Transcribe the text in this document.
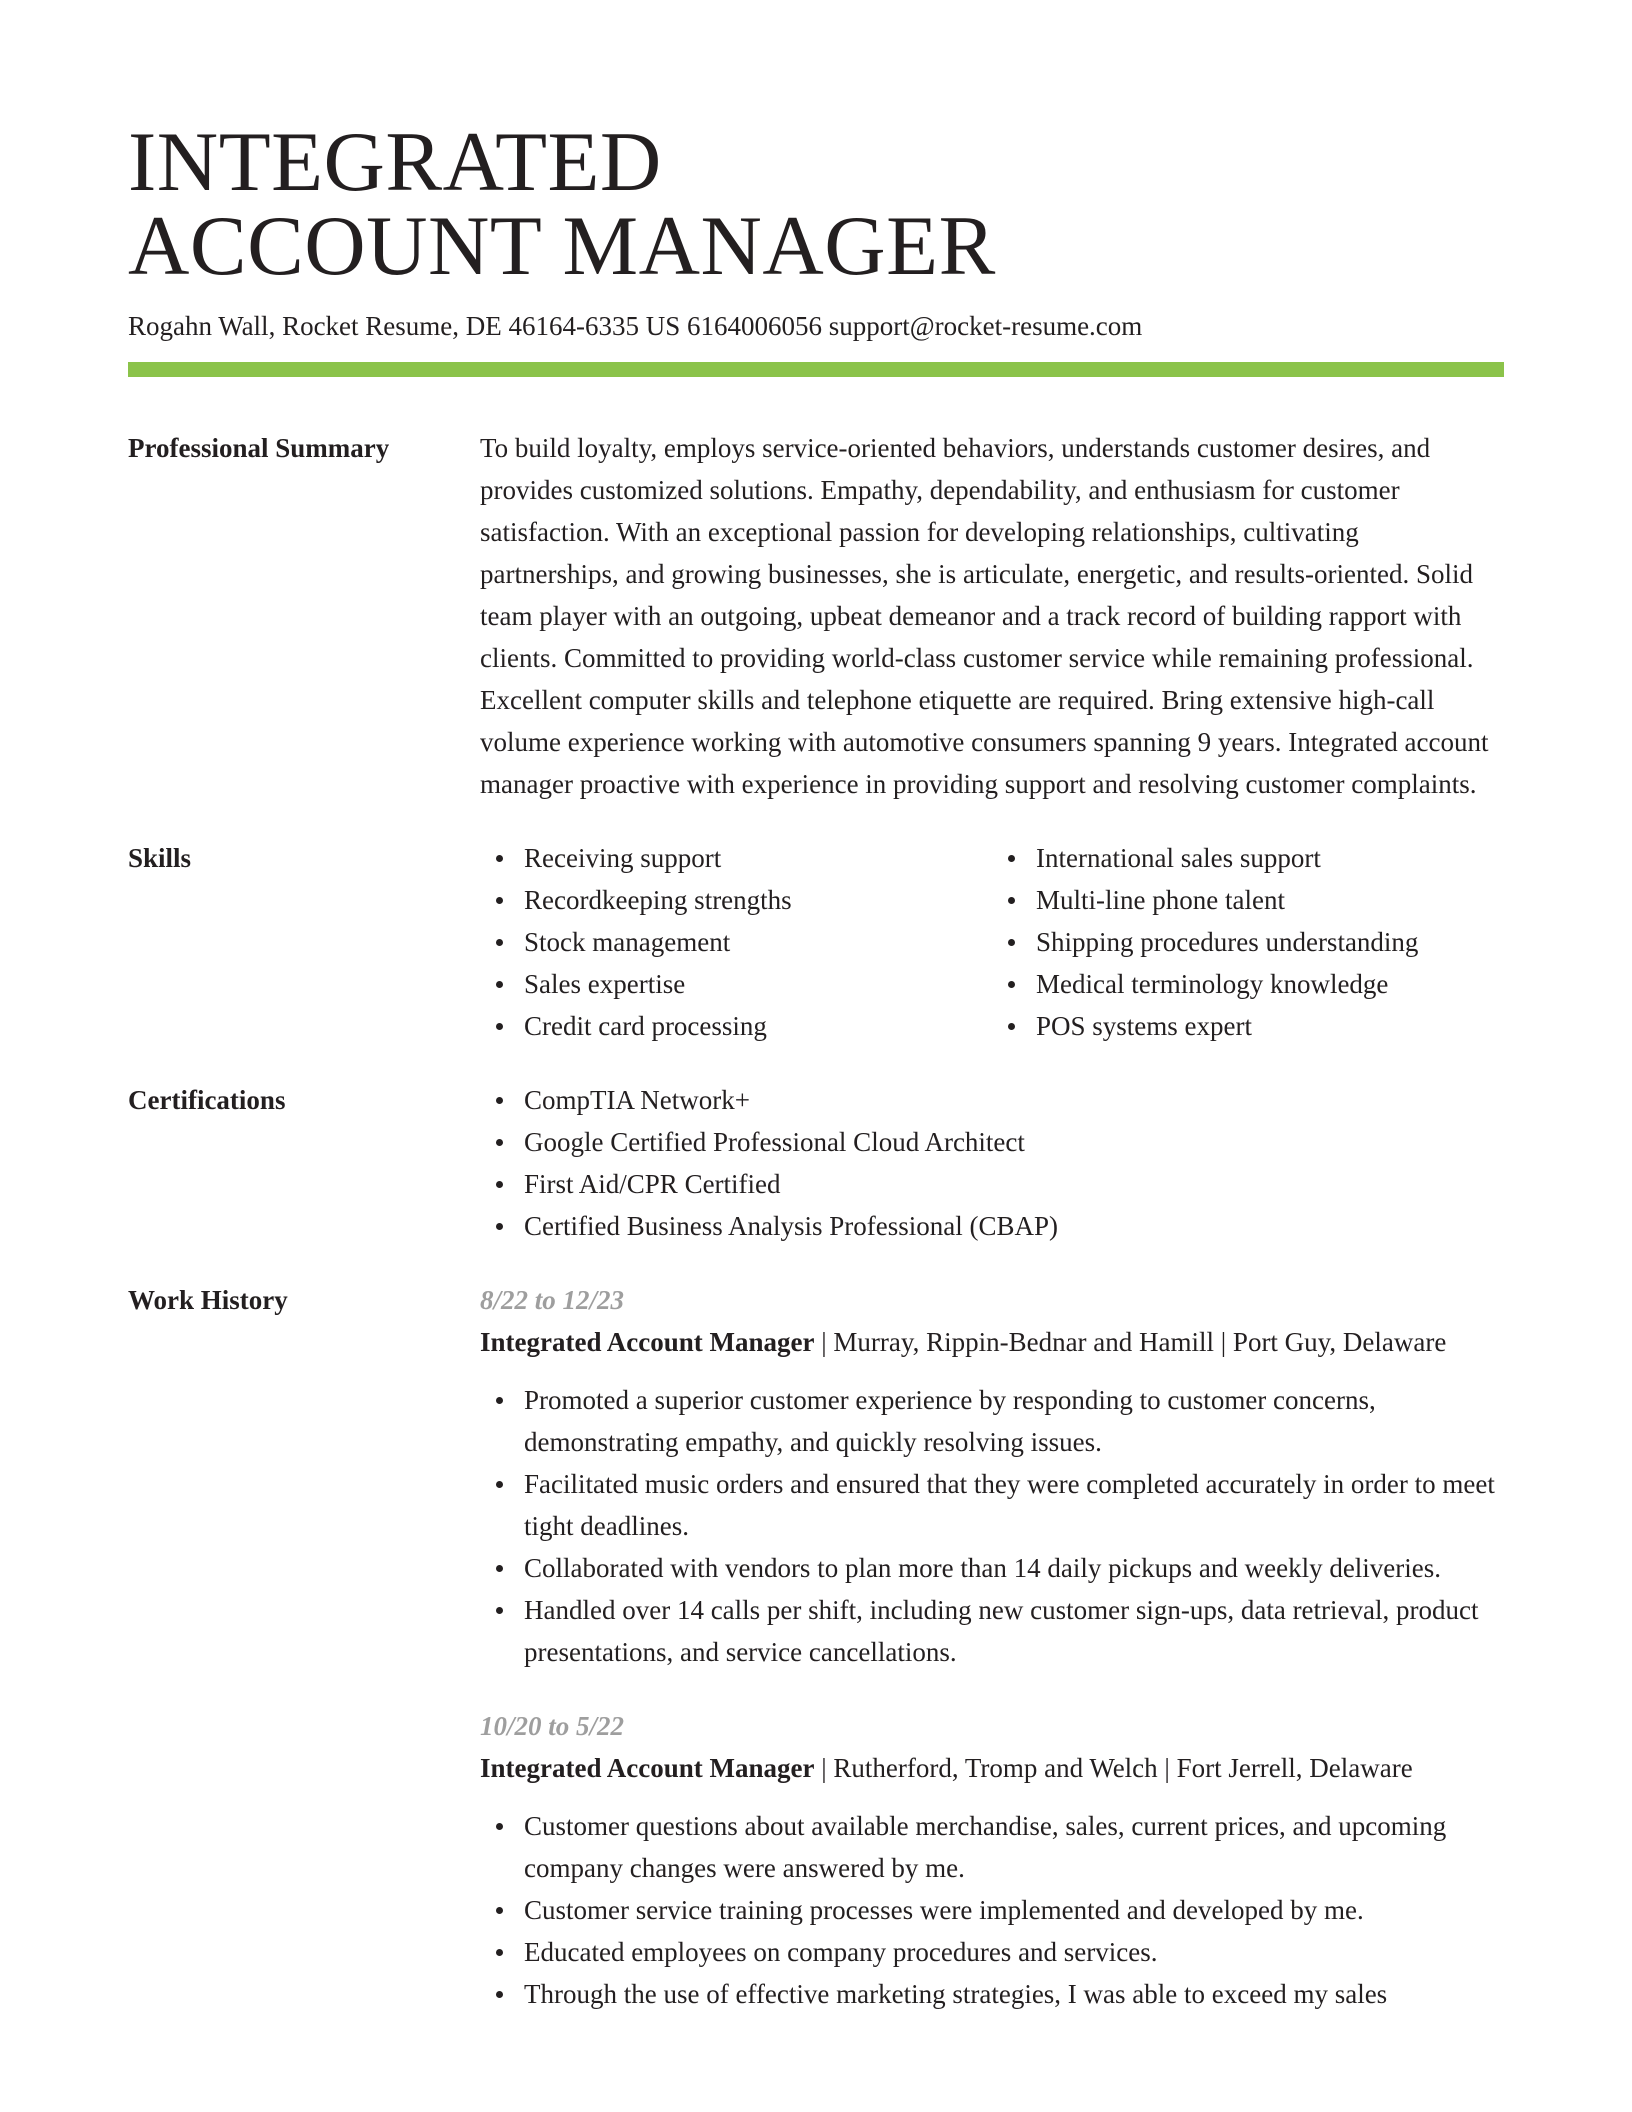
INTEGRATED
ACCOUNT MANAGER
Rogahn Wall, Rocket Resume, DE 46164-6335 US 6164006056 support@rocket-resume.com
Professional Summary	To build loyalty, employs service-oriented behaviors, understands customer desires, and provides customized solutions. Empathy, dependability, and enthusiasm for customer satisfaction. With an exceptional passion for developing relationships, cultivating partnerships, and growing businesses, she is articulate, energetic, and results-oriented. Solid team player with an outgoing, upbeat demeanor and a track record of building rapport with clients. Committed to providing world-class customer service while remaining professional. Excellent computer skills and telephone etiquette are required. Bring extensive high-call volume experience working with automotive consumers spanning 9 years. Integrated account manager proactive with experience in providing support and resolving customer complaints.
Skills	Receiving support
Recordkeeping strengths
Stock management
Sales expertise
Credit card processing
International sales support
Multi-line phone talent
Shipping procedures understanding
Medical terminology knowledge
POS systems expert
Certifications	CompTIA Network+
Google Certified Professional Cloud Architect
First Aid/CPR Certified
Certified Business Analysis Professional (CBAP)
Work History	8/22 to 12/23
Integrated Account Manager | Murray, Rippin-Bednar and Hamill | Port Guy, Delaware
Promoted a superior customer experience by responding to customer concerns, demonstrating empathy, and quickly resolving issues.
Facilitated music orders and ensured that they were completed accurately in order to meet tight deadlines.
Collaborated with vendors to plan more than 14 daily pickups and weekly deliveries.
Handled over 14 calls per shift, including new customer sign-ups, data retrieval, product presentations, and service cancellations.
10/20 to 5/22
Integrated Account Manager | Rutherford, Tromp and Welch | Fort Jerrell, Delaware
Customer questions about available merchandise, sales, current prices, and upcoming company changes were answered by me.
Customer service training processes were implemented and developed by me.
Educated employees on company procedures and services.
Through the use of effective marketing strategies, I was able to exceed my sales
